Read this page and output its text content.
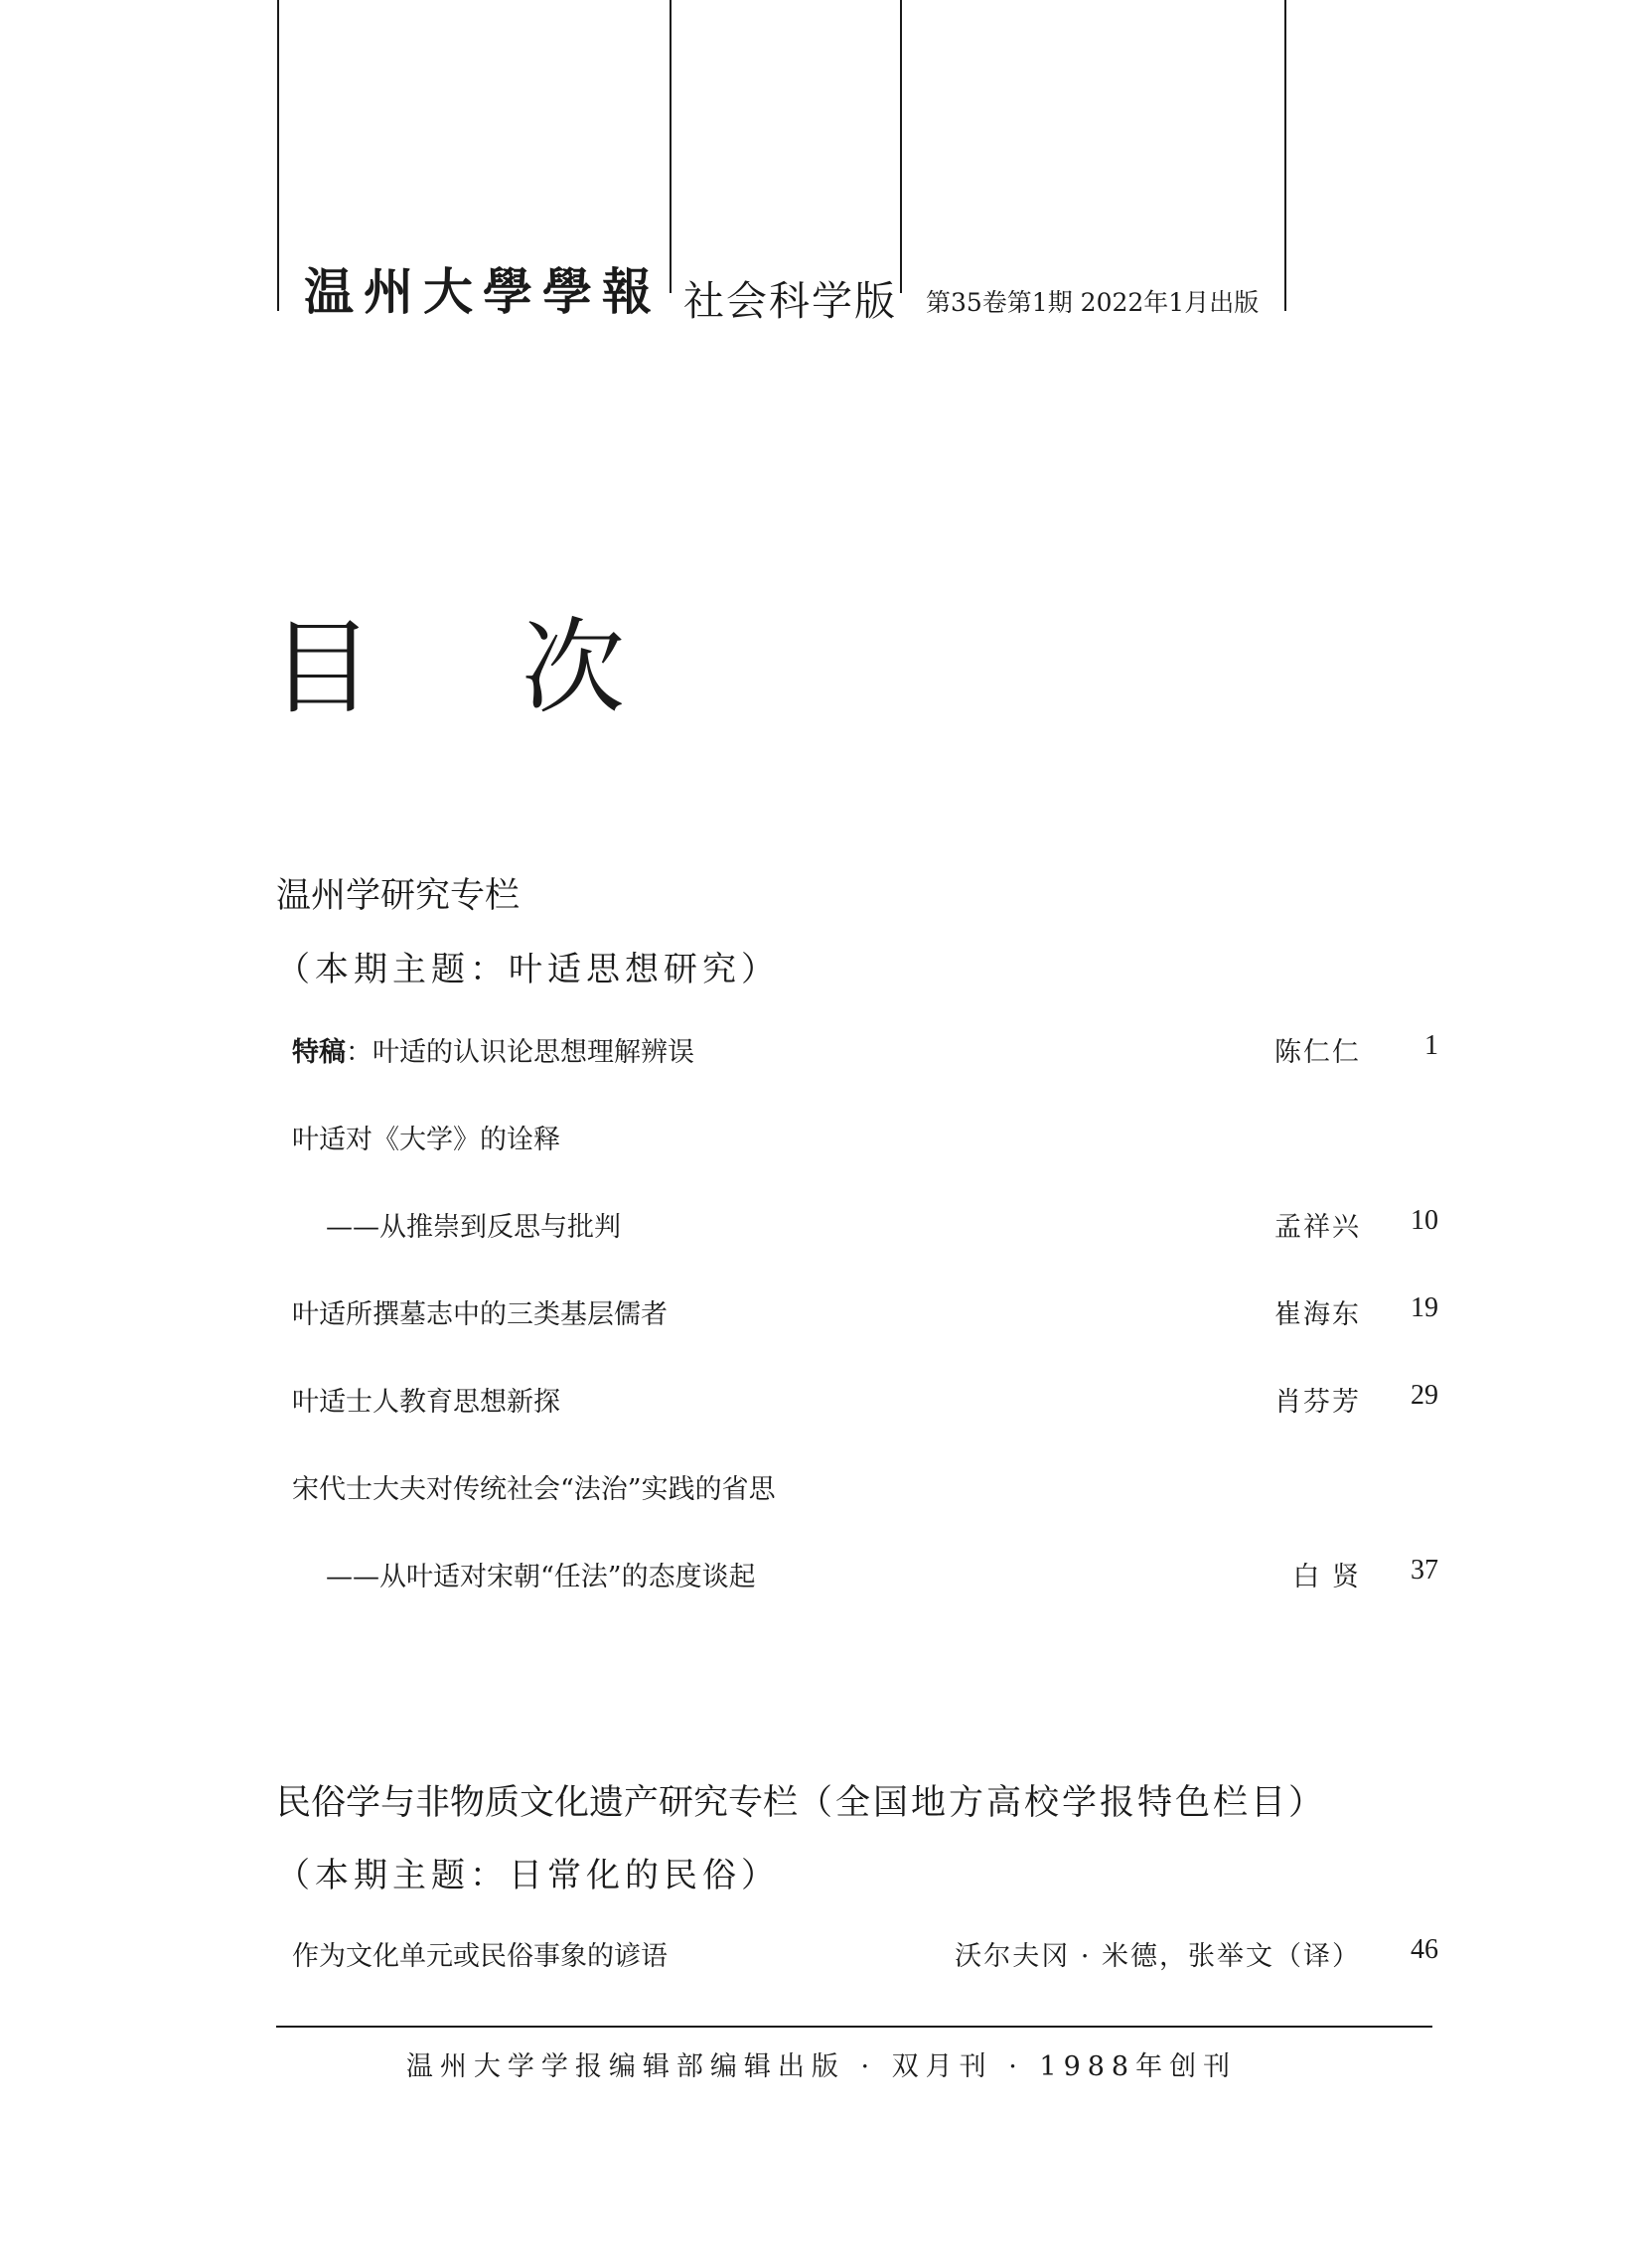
温州大學學報 社会科学版 第35卷第1期 2022年1月出版
目 次
温州学研究专栏
（本期主题：叶适思想研究）
特稿：叶适的认识论思想理解辨误	陈仁仁 1
叶适对《大学》的诠释
——从推崇到反思与批判	孟祥兴 10
叶适所撰墓志中的三类基层儒者	崔海东 19
叶适士人教育思想新探	肖芬芳 29
宋代士大夫对传统社会“法治”实践的省思
——从叶适对宋朝“任法”的态度谈起	白 贤 37
民俗学与非物质文化遗产研究专栏（全国地方高校学报特色栏目）
（本期主题：日常化的民俗）
作为文化单元或民俗事象的谚语	沃尔夫冈 · 米德，张举文（译） 46
温州大学学报编辑部编辑出版 · 双月刊 · 1988年创刊
